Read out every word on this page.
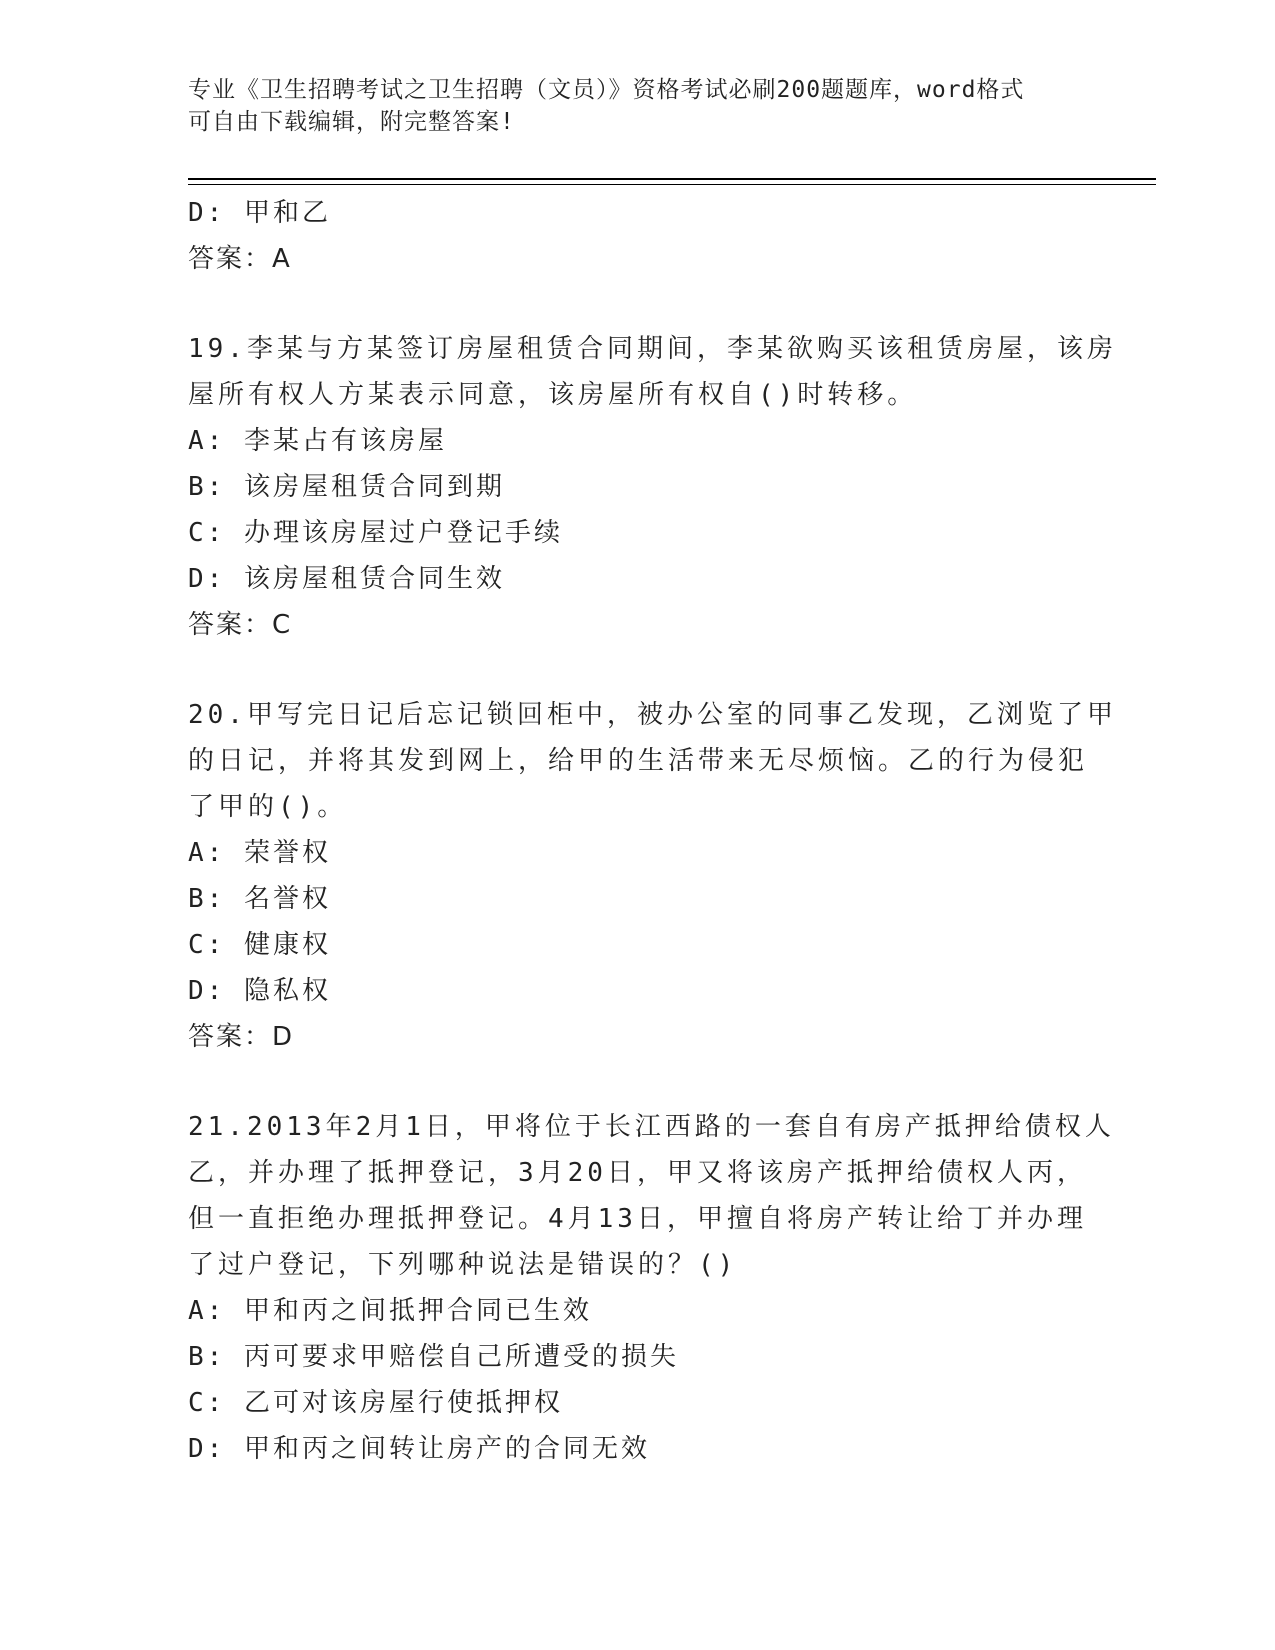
专业《卫生招聘考试之卫生招聘（文员）》资格考试必刷200题题库，word格式
可自由下载编辑，附完整答案!
D: 甲和乙
答案：A
19.李某与方某签订房屋租赁合同期间，李某欲购买该租赁房屋，该房
屋所有权人方某表示同意，该房屋所有权自()时转移。
A: 李某占有该房屋
B: 该房屋租赁合同到期
C: 办理该房屋过户登记手续
D: 该房屋租赁合同生效
答案：C
20.甲写完日记后忘记锁回柜中，被办公室的同事乙发现，乙浏览了甲
的日记，并将其发到网上，给甲的生活带来无尽烦恼。乙的行为侵犯
了甲的()。
A: 荣誉权
B: 名誉权
C: 健康权
D: 隐私权
答案：D
21.2013年2月1日，甲将位于长江西路的一套自有房产抵押给债权人
乙，并办理了抵押登记，3月20日，甲又将该房产抵押给债权人丙，
但一直拒绝办理抵押登记。4月13日，甲擅自将房产转让给丁并办理
了过户登记，下列哪种说法是错误的？()
A: 甲和丙之间抵押合同已生效
B: 丙可要求甲赔偿自己所遭受的损失
C: 乙可对该房屋行使抵押权
D: 甲和丙之间转让房产的合同无效
